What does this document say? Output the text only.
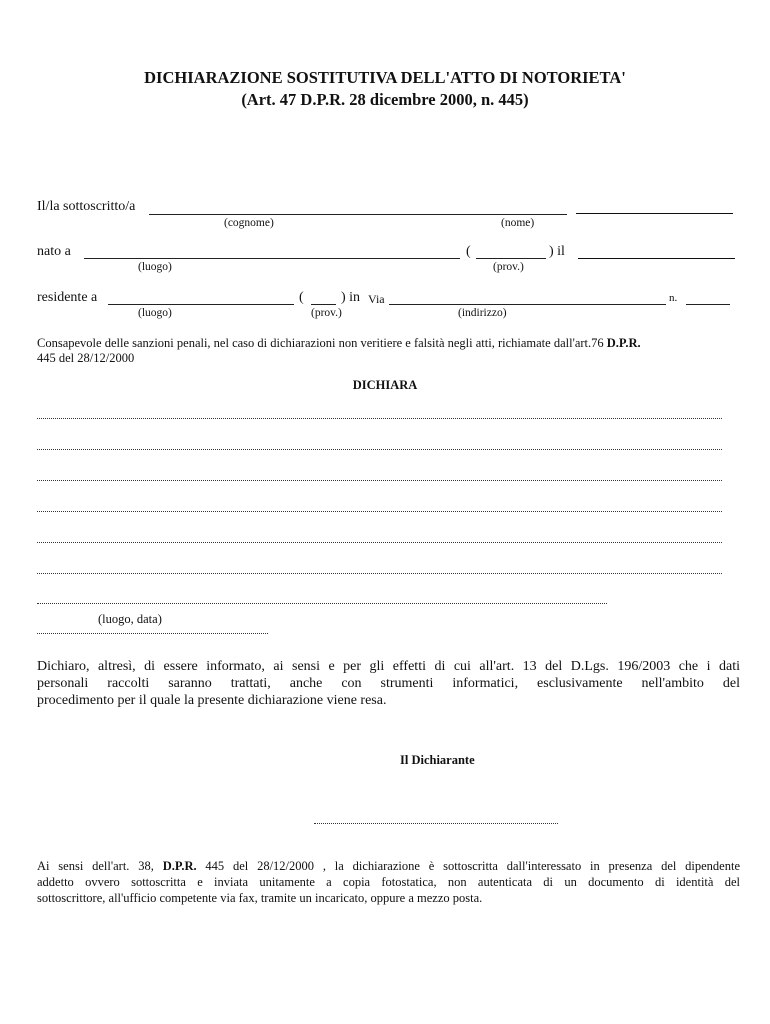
DICHIARAZIONE SOSTITUTIVA DELL'ATTO DI NOTORIETA'
(Art. 47 D.P.R. 28 dicembre 2000, n. 445)
Il/la sottoscritto/a
(cognome)	(nome)
nato a	(	) il
(luogo)	(prov.)
residente a	(	) in Via	n.
(luogo)	(prov.)	(indirizzo)
Consapevole delle sanzioni penali, nel caso di dichiarazioni non veritiere e falsità negli atti, richiamate dall'art.76 D.P.R.
445 del 28/12/2000
DICHIARA
(luogo, data)
Dichiaro, altresì, di essere informato, ai sensi e per gli effetti di cui all'art. 13 del D.Lgs. 196/2003 che i dati
personali raccolti saranno trattati, anche con strumenti informatici, esclusivamente nell'ambito del
procedimento per il quale la presente dichiarazione viene resa.
Il Dichiarante
Ai sensi dell'art. 38, D.P.R. 445 del 28/12/2000 , la dichiarazione è sottoscritta dall'interessato in presenza del dipendente
addetto ovvero sottoscritta e inviata unitamente a copia fotostatica, non autenticata di un documento di identità del
sottoscrittore, all'ufficio competente via fax, tramite un incaricato, oppure a mezzo posta.
